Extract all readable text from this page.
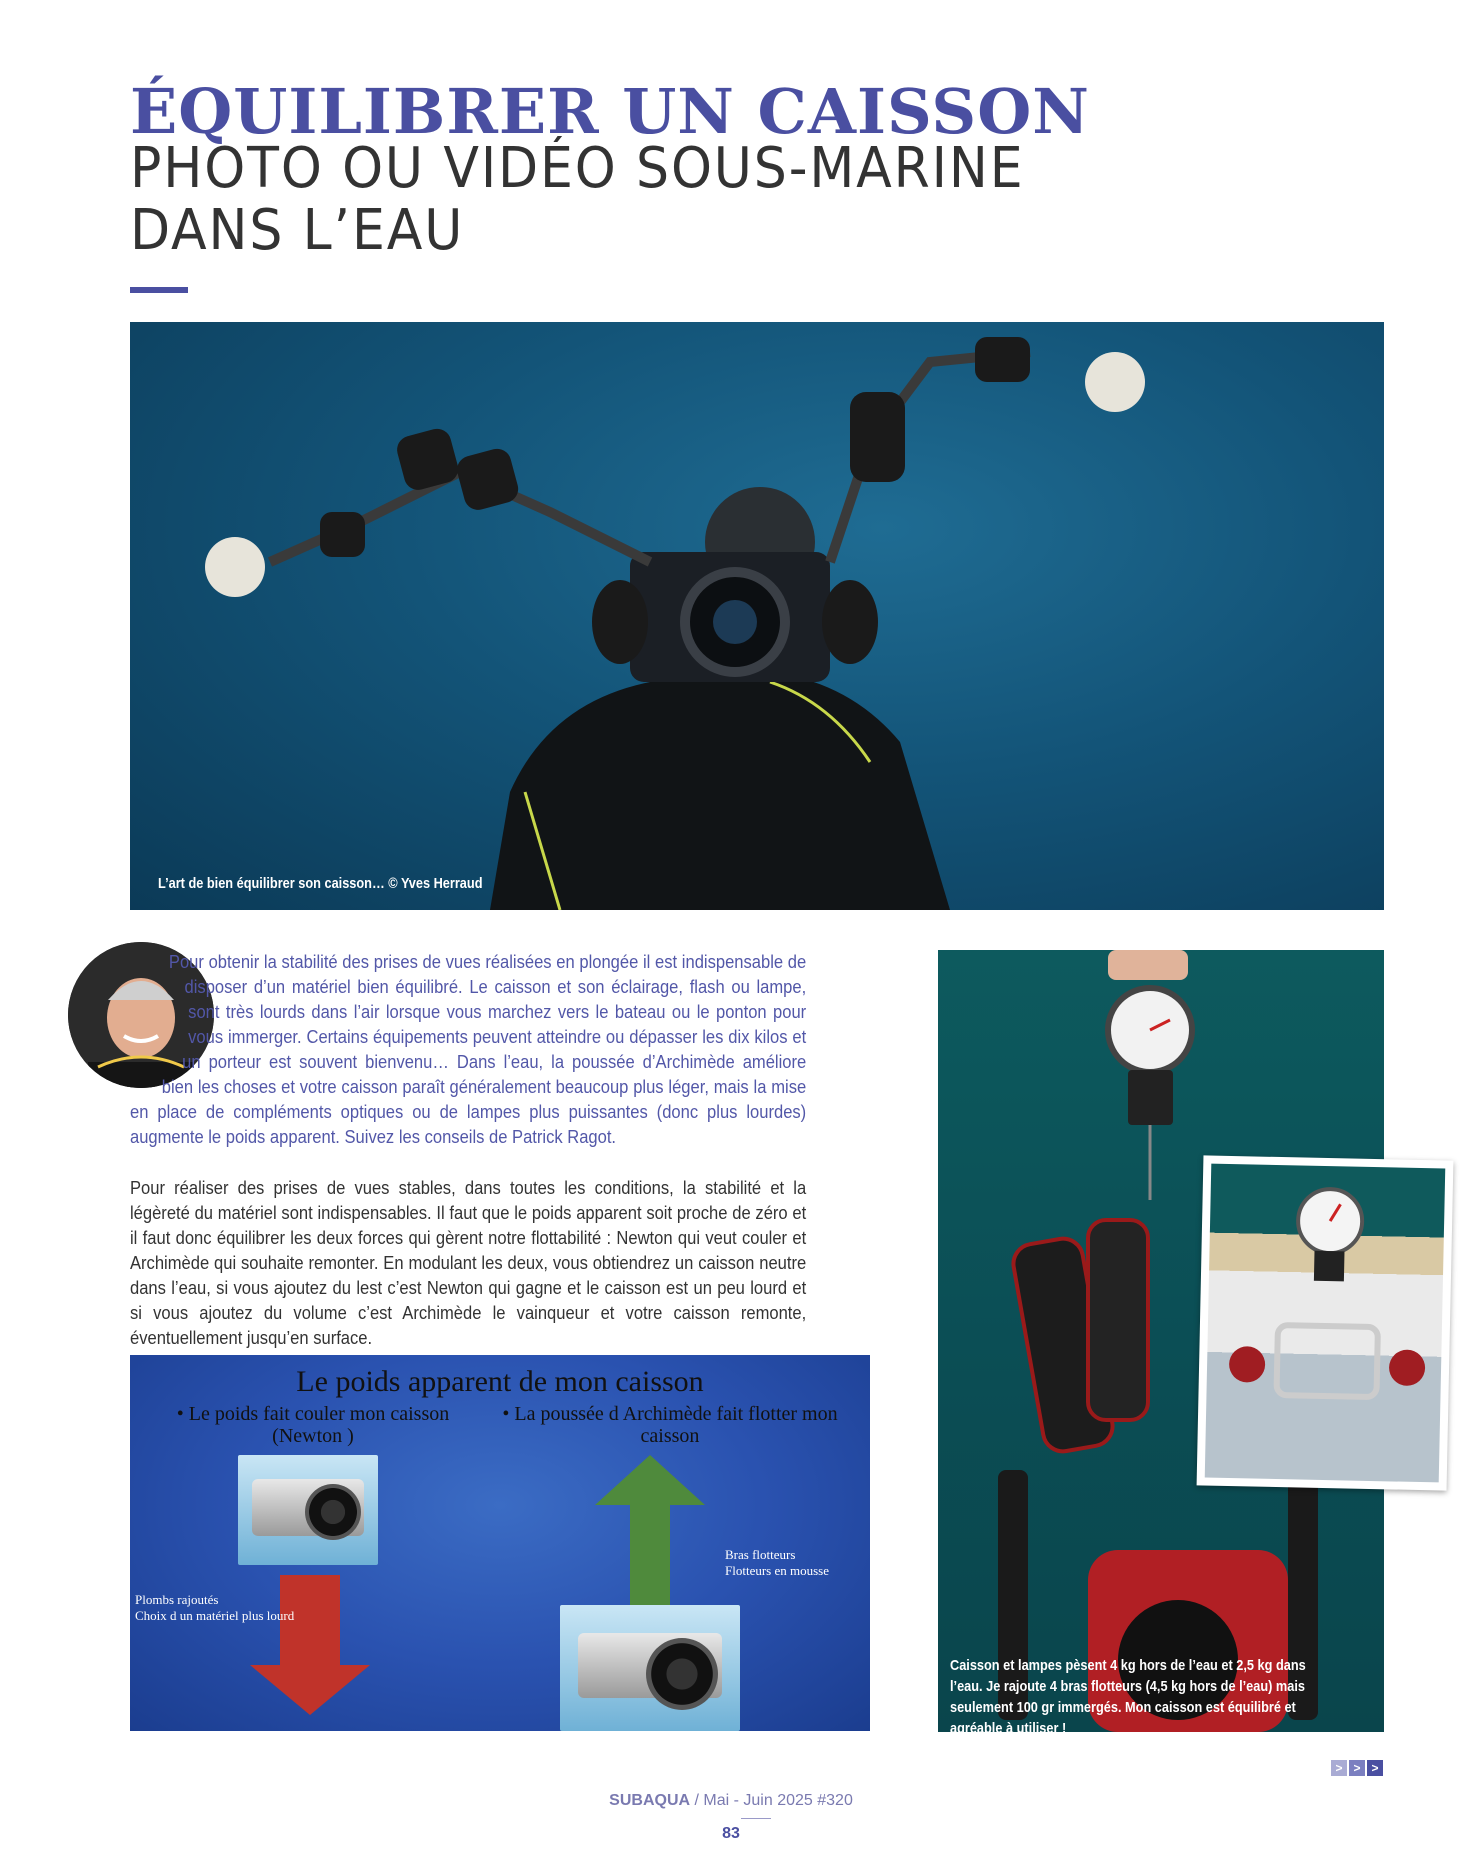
ÉQUILIBRER UN CAISSON
PHOTO OU VIDÉO SOUS-MARINE
DANS L’EAU
L’art de bien équilibrer son caisson… © Yves Herraud

Pour obtenir la stabilité des prises de vues réalisées en plongée il est indispensable de disposer d’un matériel bien équilibré. Le caisson et son éclairage, flash ou lampe, sont très lourds dans l’air lorsque vous marchez vers le bateau ou le ponton pour vous immerger. Certains équipements peuvent atteindre ou dépasser les dix kilos et un porteur est souvent bienvenu… Dans l’eau, la poussée d’Archimède améliore bien les choses et votre caisson paraît généralement beaucoup plus léger, mais la mise en place de compléments optiques ou de lampes plus puissantes (donc plus lourdes) augmente le poids apparent. Suivez les conseils de Patrick Ragot.

Pour réaliser des prises de vues stables, dans toutes les conditions, la stabilité et la légèreté du matériel sont indispensables. Il faut que le poids apparent soit proche de zéro et il faut donc équilibrer les deux forces qui gèrent notre flottabilité : Newton qui veut couler et Archimède qui souhaite remonter. En modulant les deux, vous obtiendrez un caisson neutre dans l’eau, si vous ajoutez du lest c’est Newton qui gagne et le caisson est un peu lourd et si vous ajoutez du volume c’est Archimède le vainqueur et votre caisson remonte, éventuellement jusqu’en surface.

Le poids apparent de mon caisson
• Le poids fait couler mon caisson (Newton )
• La poussée d Archimède fait flotter mon caisson
Plombs rajoutés
Choix d un matériel plus lourd
Bras flotteurs
Flotteurs en mousse
Caisson et lampes pèsent 4 kg hors de l’eau et 2,5 kg dans l’eau. Je rajoute 4 bras flotteurs (4,5 kg hors de l’eau) mais seulement 100 gr immergés. Mon caisson est équilibré et agréable à utiliser !
> > >
SUBAQUA / Mai - Juin 2025 #320
83
